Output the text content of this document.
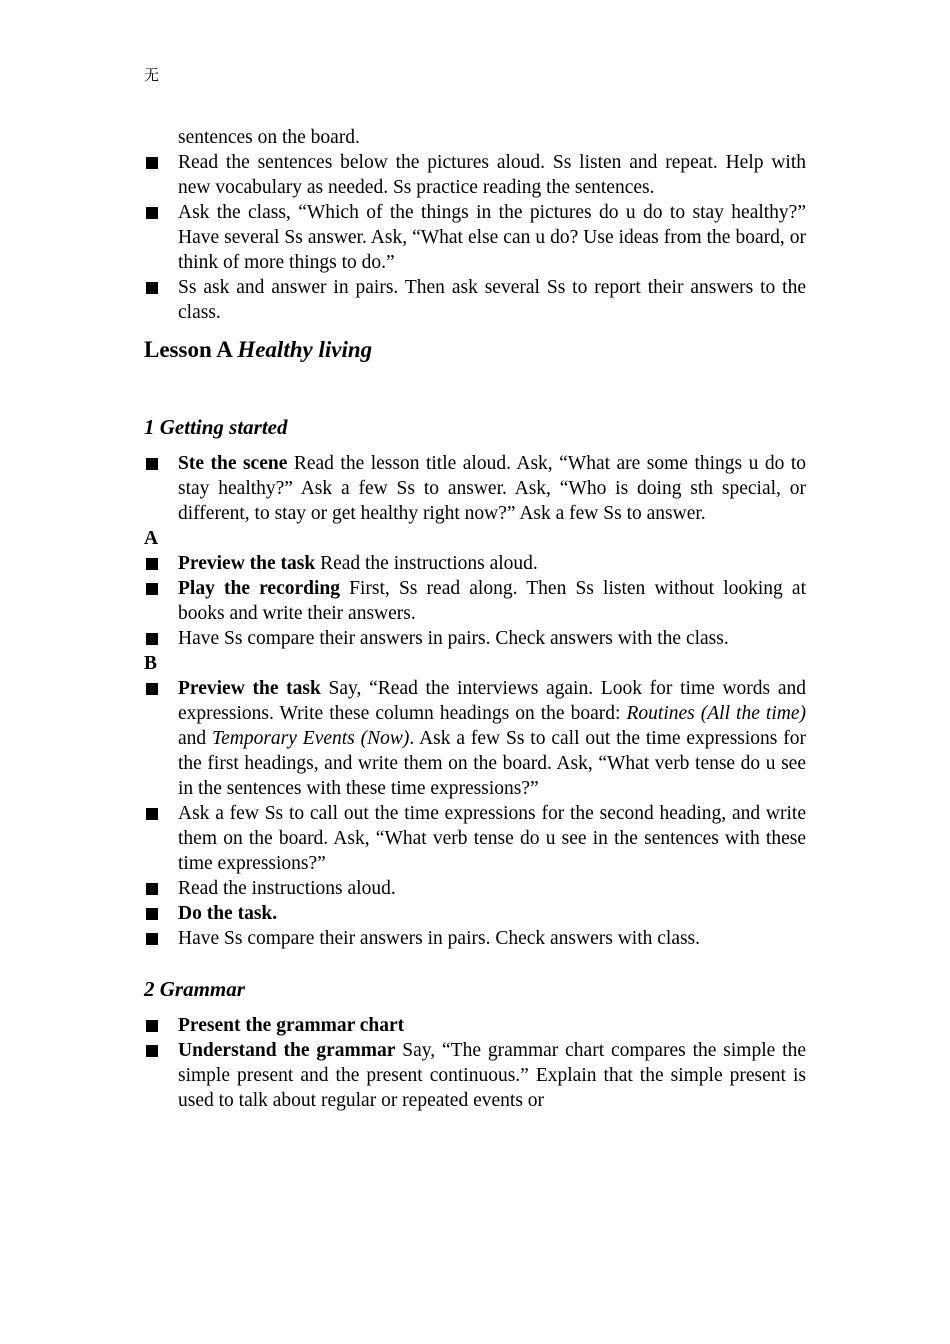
无

sentences on the board.

Read the sentences below the pictures aloud. Ss listen and repeat. Help with new vocabulary as needed. Ss practice reading the sentences.
Ask the class, “Which of the things in the pictures do u do to stay healthy?” Have several Ss answer. Ask, “What else can u do? Use ideas from the board, or think of more things to do.”
Ss ask and answer in pairs. Then ask several Ss to report their answers to the class.
Lesson A Healthy living
1 Getting started
Ste the scene Read the lesson title aloud. Ask, “What are some things u do to stay healthy?” Ask a few Ss to answer. Ask, “Who is doing sth special, or different, to stay or get healthy right now?” Ask a few Ss to answer.

A

Preview the task Read the instructions aloud.
Play the recording First, Ss read along. Then Ss listen without looking at books and write their answers.
Have Ss compare their answers in pairs. Check answers with the class.

B

Preview the task Say, “Read the interviews again. Look for time words and expressions. Write these column headings on the board: Routines (All the time) and Temporary Events (Now). Ask a few Ss to call out the time expressions for the first headings, and write them on the board. Ask, “What verb tense do u see in the sentences with these time expressions?”
Ask a few Ss to call out the time expressions for the second heading, and write them on the board. Ask, “What verb tense do u see in the sentences with these time expressions?”
Read the instructions aloud.
Do the task.
Have Ss compare their answers in pairs. Check answers with class.
2 Grammar
Present the grammar chart
Understand the grammar Say, “The grammar chart compares the simple the simple present and the present continuous.” Explain that the simple present is used to talk about regular or repeated events or
